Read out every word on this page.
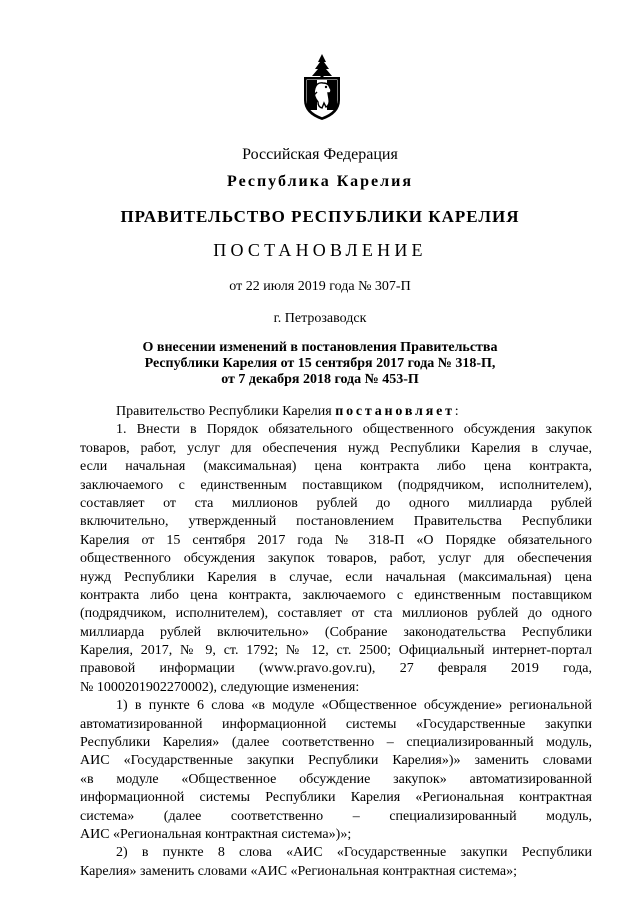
Российская Федерация
Республика Карелия
ПРАВИТЕЛЬСТВО РЕСПУБЛИКИ КАРЕЛИЯ
ПОСТАНОВЛЕНИЕ
от 22 июля 2019 года № 307-П
г. Петрозаводск
О внесении изменений в постановления Правительства
Республики Карелия от 15 сентября 2017 года № 318-П,
от 7 декабря 2018 года № 453-П
Правительство Республики Карелия постановляет:
1. Внести в Порядок обязательного общественного обсуждения закупок
товаров, работ, услуг для обеспечения нужд Республики Карелия в случае,
если начальная (максимальная) цена контракта либо цена контракта,
заключаемого с единственным поставщиком (подрядчиком, исполнителем),
составляет от ста миллионов рублей до одного миллиарда рублей
включительно, утвержденный постановлением Правительства Республики
Карелия от 15 сентября 2017 года № 318-П «О Порядке обязательного
общественного обсуждения закупок товаров, работ, услуг для обеспечения
нужд Республики Карелия в случае, если начальная (максимальная) цена
контракта либо цена контракта, заключаемого с единственным поставщиком
(подрядчиком, исполнителем), составляет от ста миллионов рублей до одного
миллиарда рублей включительно» (Собрание законодательства Республики
Карелия, 2017, № 9, ст. 1792; № 12, ст. 2500; Официальный интернет-портал
правовой информации (www.pravo.gov.ru), 27 февраля 2019 года,
№ 1000201902270002), следующие изменения:
1) в пункте 6 слова «в модуле «Общественное обсуждение» региональной
автоматизированной информационной системы «Государственные закупки
Республики Карелия» (далее соответственно – специализированный модуль,
АИС «Государственные закупки Республики Карелия»)» заменить словами
«в модуле «Общественное обсуждение закупок» автоматизированной
информационной системы Республики Карелия «Региональная контрактная
система» (далее соответственно – специализированный модуль,
АИС «Региональная контрактная система»)»;
2) в пункте 8 слова «АИС «Государственные закупки Республики
Карелия» заменить словами «АИС «Региональная контрактная система»;
